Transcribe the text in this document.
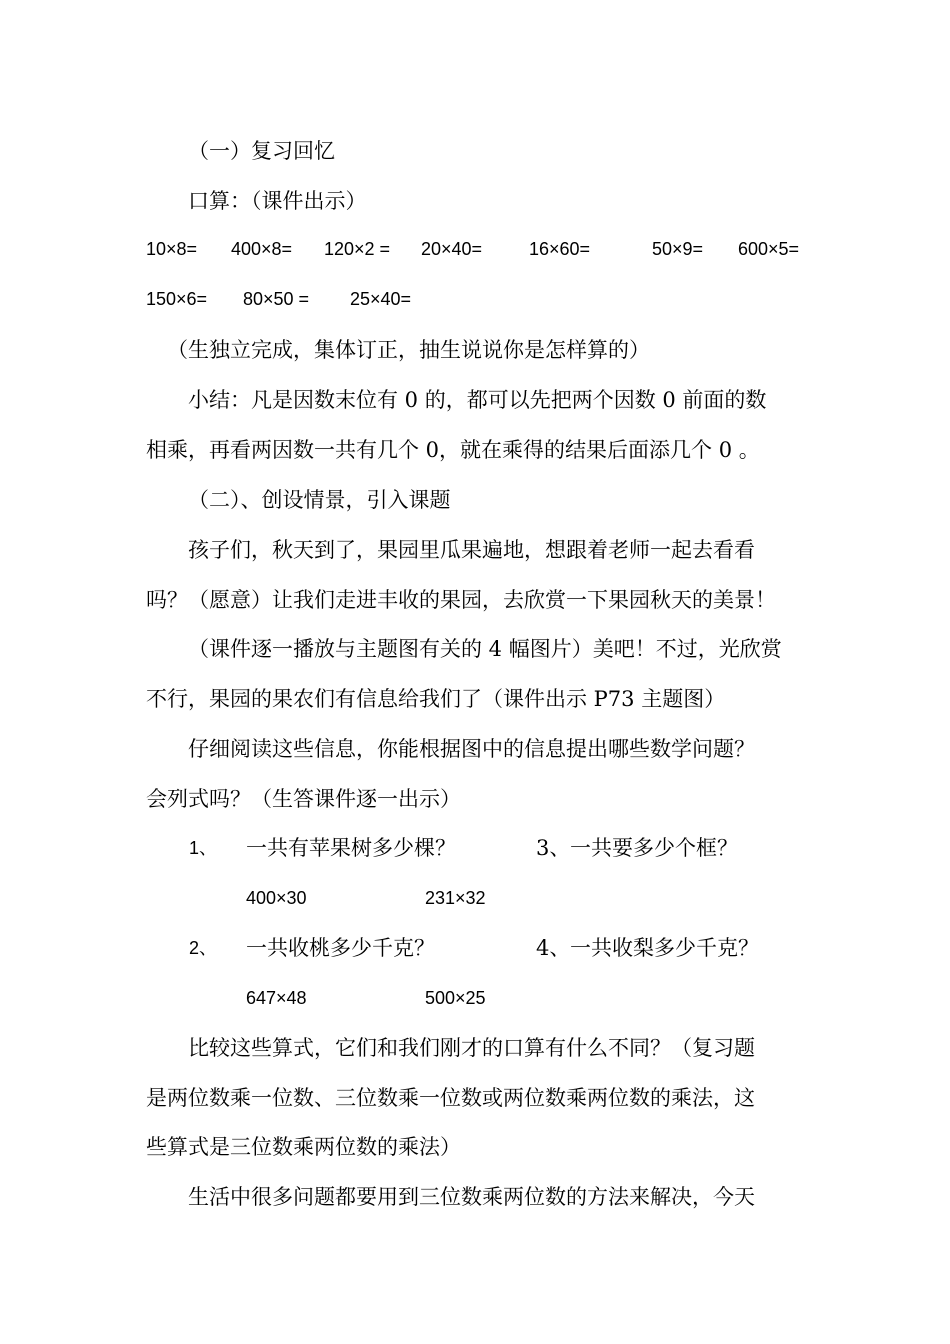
（一）复习回忆
口算：（课件出示）
10×8= 400×8= 120×2 = 20×40=	16×60=	50×9= 600×5=
150×6= 80×50 = 25×40=
（生独立完成，集体订正，抽生说说你是怎样算的）
小结：凡是因数末位有 0 的，都可以先把两个因数 0 前面的数
相乘，再看两因数一共有几个 0，就在乘得的结果后面添几个 0 。
（二）、创设情景，引入课题
孩子们，秋天到了，果园里瓜果遍地，想跟着老师一起去看看
吗？（愿意）让我们走进丰收的果园，去欣赏一下果园秋天的美景！
（课件逐一播放与主题图有关的 4 幅图片）美吧！不过，光欣赏
不行，果园的果农们有信息给我们了（课件出示 P73 主题图）
仔细阅读这些信息，你能根据图中的信息提出哪些数学问题？
会列式吗？（生答课件逐一出示）
1、 一共有苹果树多少棵？	3、 一共要多少个框？
400×30	231×32
2、 一共收桃多少千克？	4、 一共收梨多少千克？
647×48	500×25
比较这些算式，它们和我们刚才的口算有什么不同？（复习题
是两位数乘一位数、三位数乘一位数或两位数乘两位数的乘法，这
些算式是三位数乘两位数的乘法）
生活中很多问题都要用到三位数乘两位数的方法来解决，今天
